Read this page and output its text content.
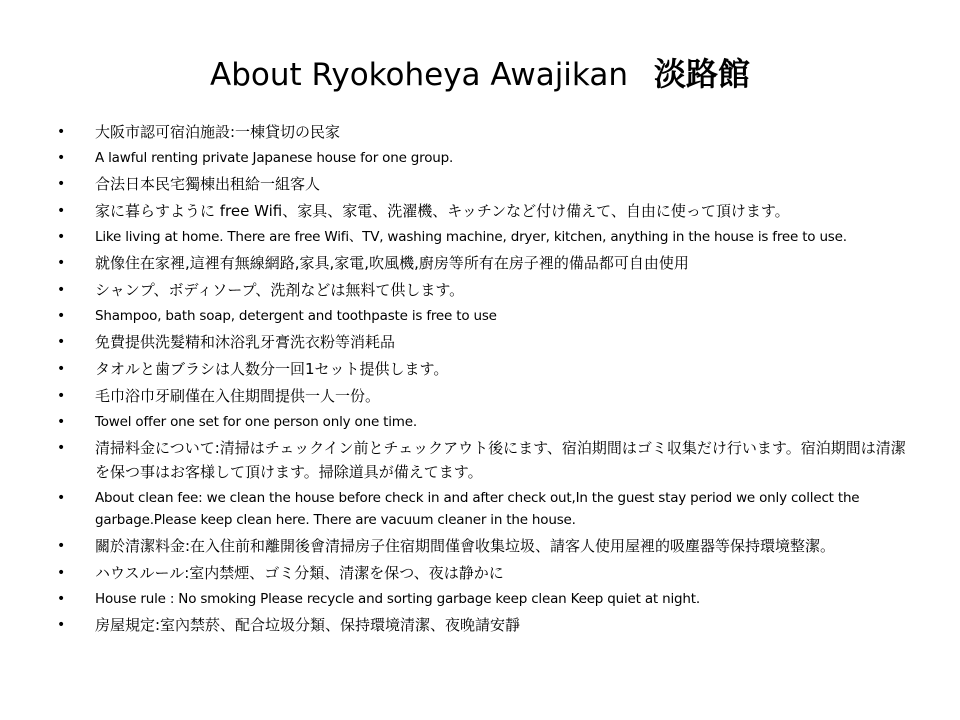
About Ryokoheya Awajikan 淡路館
• 大阪市認可宿泊施設:一棟貸切の民家
• A lawful renting private Japanese house for one group.
• 合法日本民宅獨棟出租給一組客人
• 家に暮らすように free Wifi、家具、家電、洗濯機、キッチンなど付け備えて、自由に使って頂けます。
• Like living at home. There are free Wifi、TV, washing machine, dryer, kitchen, anything in the house is free to use.
• 就像住在家裡,這裡有無線網路,家具,家電,吹風機,廚房等所有在房子裡的備品都可自由使用
• シャンプ、ボディソープ、洗剤などは無料て供します。
• Shampoo, bath soap, detergent and toothpaste is free to use
• 免費提供洗髮精和沐浴乳牙膏洗衣粉等消耗品
• タオルと歯ブラシは人数分一回1セット提供します。
• 毛巾浴巾牙刷僅在入住期間提供一人一份。
• Towel offer one set for one person only one time.
• 清掃料金について:清掃はチェックイン前とチェックアウト後にます、宿泊期間はゴミ収集だけ行います。宿泊期間は清潔を保つ事はお客様して頂けます。掃除道具が備えてます。
• About clean fee: we clean the house before check in and after check out,In the guest stay period we only collect the garbage.Please keep clean here. There are vacuum cleaner in the house.
• 關於清潔料金:在入住前和離開後會清掃房子住宿期間僅會收集垃圾、請客人使用屋裡的吸塵器等保持環境整潔。
• ハウスルール:室内禁煙、ゴミ分類、清潔を保つ、夜は静かに
• House rule : No smoking Please recycle and sorting garbage keep clean Keep quiet at night.
• 房屋規定:室內禁菸、配合垃圾分類、保持環境清潔、夜晚請安靜
